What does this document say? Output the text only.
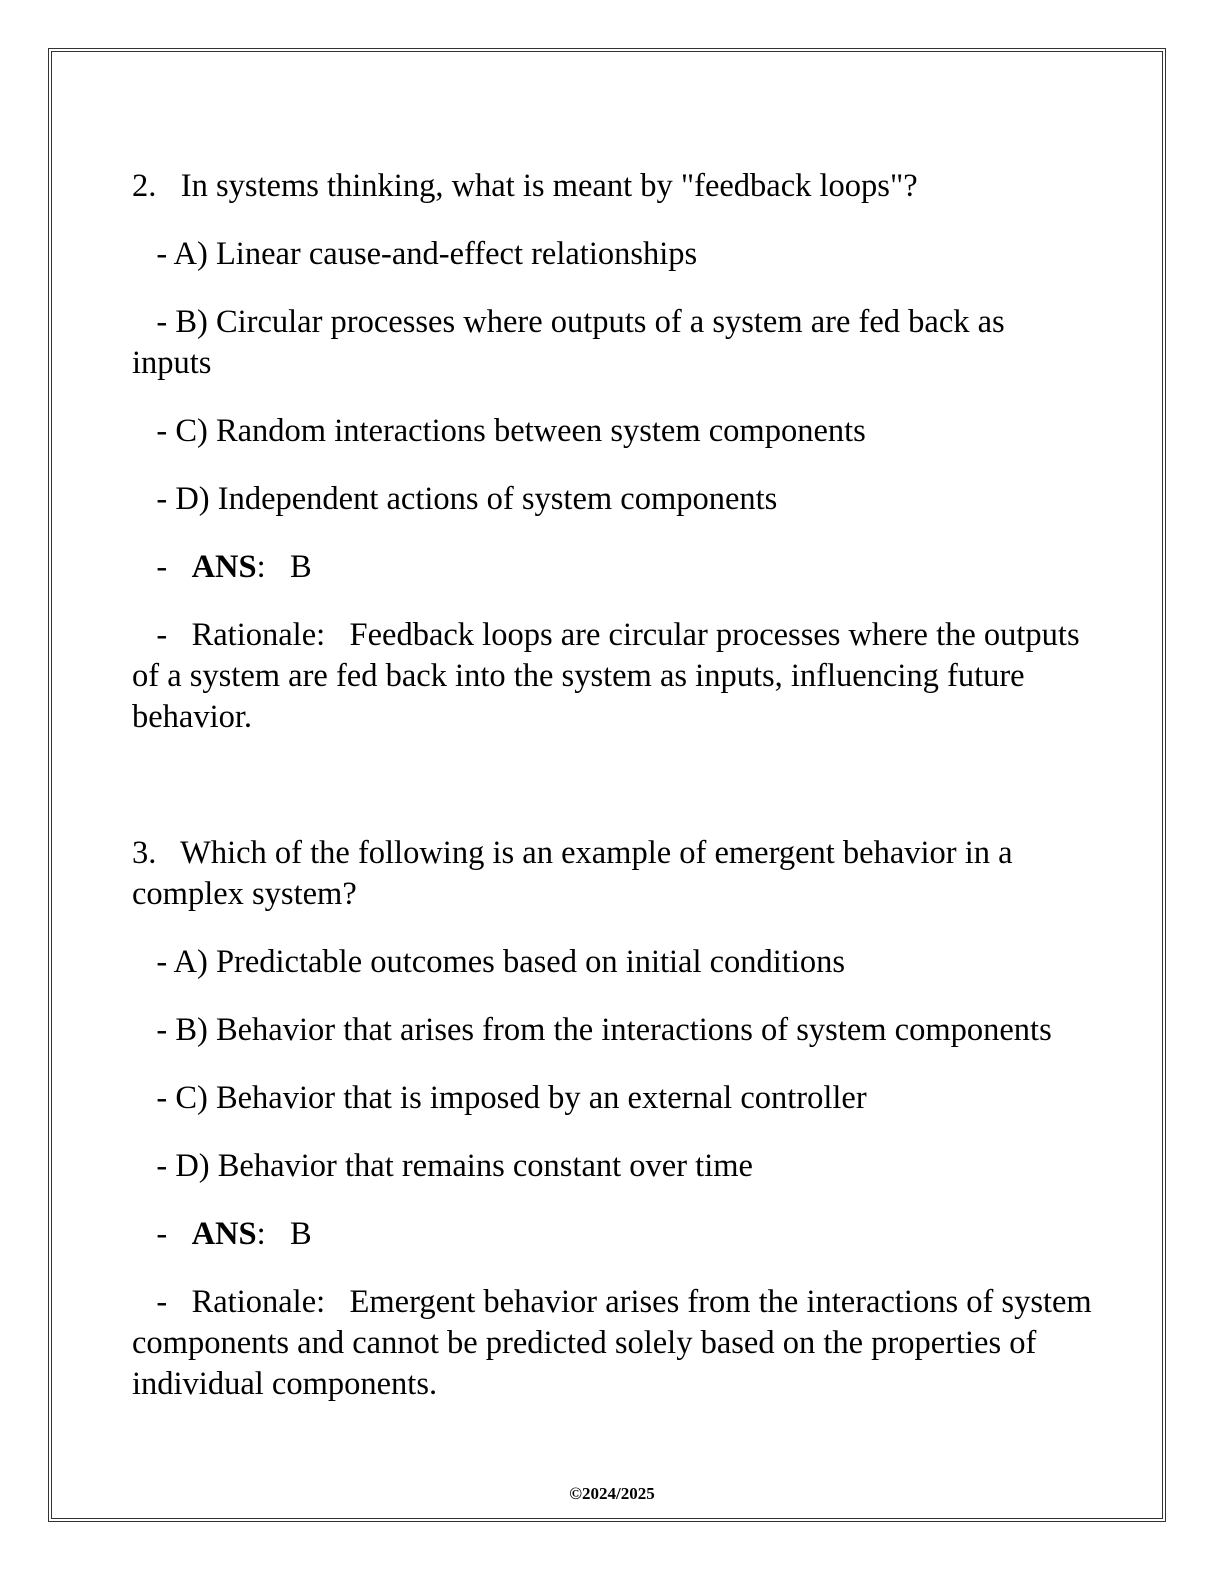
2. In systems thinking, what is meant by "feedback loops"?

- A) Linear cause-and-effect relationships

- B) Circular processes where outputs of a system are fed back as inputs

- C) Random interactions between system components

- D) Independent actions of system components

- ANS: B

- Rationale: Feedback loops are circular processes where the outputs of a system are fed back into the system as inputs, influencing future behavior.

3. Which of the following is an example of emergent behavior in a complex system?

- A) Predictable outcomes based on initial conditions

- B) Behavior that arises from the interactions of system components

- C) Behavior that is imposed by an external controller

- D) Behavior that remains constant over time

- ANS: B

- Rationale: Emergent behavior arises from the interactions of system components and cannot be predicted solely based on the properties of individual components.

©2024/2025
